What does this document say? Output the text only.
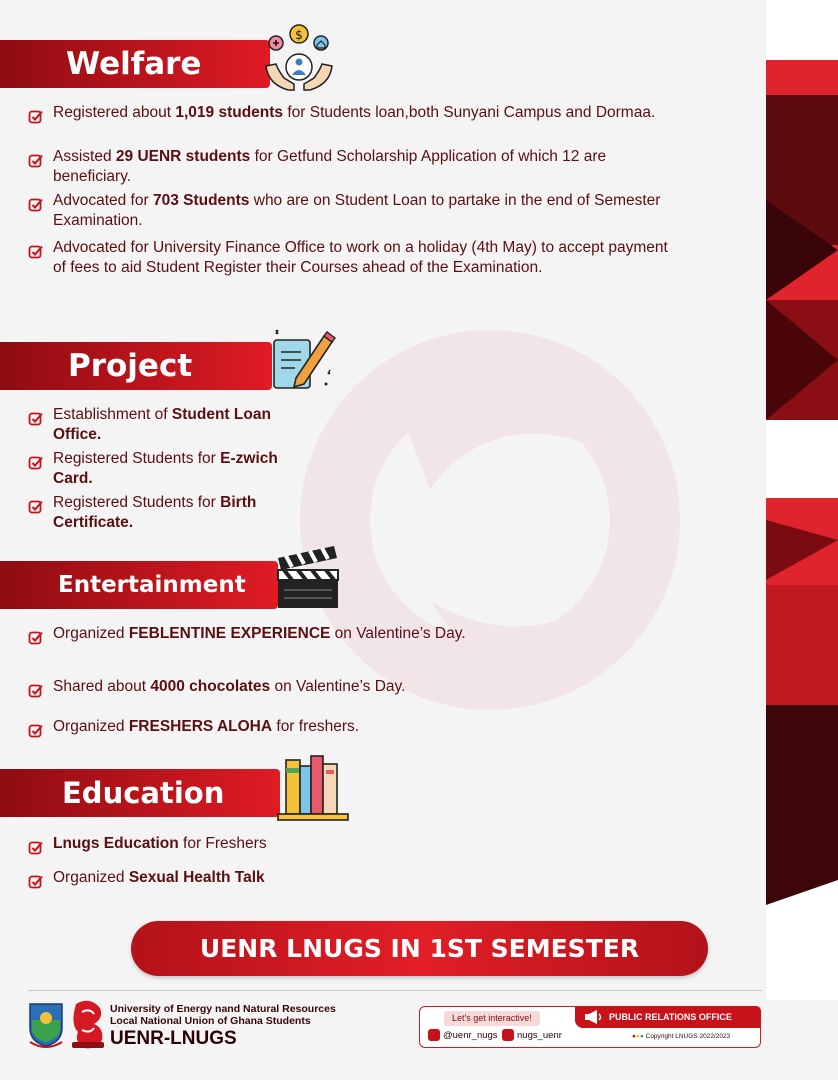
Welfare
$
Registered about 1,019 students for Students loan,both Sunyani Campus and Dormaa.
Assisted 29 UENR students for Getfund Scholarship Application of which 12 are beneficiary.
Advocated for 703 Students who are on Student Loan to partake in the end of Semester Examination.
Advocated for University Finance Office to work on a holiday (4th May) to accept payment of fees to aid Student Register their Courses ahead of the Examination.
Project
Establishment of Student Loan Office.
Registered Students for E-zwich Card.
Registered Students for Birth Certificate.
Entertainment
Organized FEBLENTINE EXPERIENCE on Valentine’s Day.
Shared about 4000 chocolates on Valentine’s Day.
Organized FRESHERS ALOHA for freshers.
Education
Lnugs Education for Freshers
Organized Sexual Health Talk
UENR LNUGS IN 1ST SEMESTER
University of Energy nand Natural Resources
Local National Union of Ghana Students
UENR-LNUGS
Let's get interactive!	PUBLIC RELATIONS OFFICE
@uenr_nugs nugs_uenr	●●● Copyright LNUGS 2022/2023
